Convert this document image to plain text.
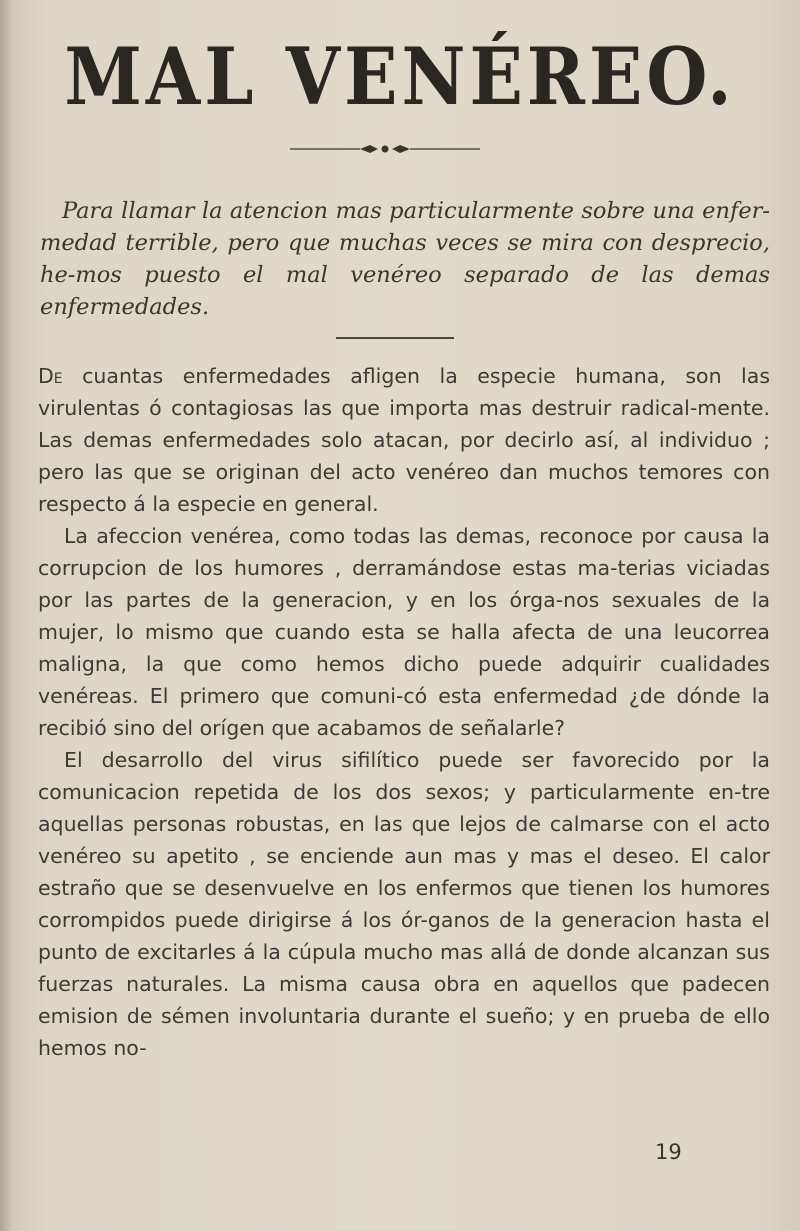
MAL VENÉREO.

Para llamar la atencion mas particularmente sobre una enfer-medad terrible, pero que muchas veces se mira con desprecio, he-mos puesto el mal venéreo separado de las demas enfermedades.

De cuantas enfermedades afligen la especie humana, son las virulentas ó contagiosas las que importa mas destruir radical-mente. Las demas enfermedades solo atacan, por decirlo así, al individuo ; pero las que se originan del acto venéreo dan muchos temores con respecto á la especie en general.

La afeccion venérea, como todas las demas, reconoce por causa la corrupcion de los humores , derramándose estas ma-terias viciadas por las partes de la generacion, y en los órga-nos sexuales de la mujer, lo mismo que cuando esta se halla afecta de una leucorrea maligna, la que como hemos dicho puede adquirir cualidades venéreas. El primero que comuni-có esta enfermedad ¿de dónde la recibió sino del orígen que acabamos de señalarle?

El desarrollo del virus sifilítico puede ser favorecido por la comunicacion repetida de los dos sexos; y particularmente en-tre aquellas personas robustas, en las que lejos de calmarse con el acto venéreo su apetito , se enciende aun mas y mas el deseo. El calor estraño que se desenvuelve en los enfermos que tienen los humores corrompidos puede dirigirse á los ór-ganos de la generacion hasta el punto de excitarles á la cúpula mucho mas allá de donde alcanzan sus fuerzas naturales. La misma causa obra en aquellos que padecen emision de sémen involuntaria durante el sueño; y en prueba de ello hemos no-

19
